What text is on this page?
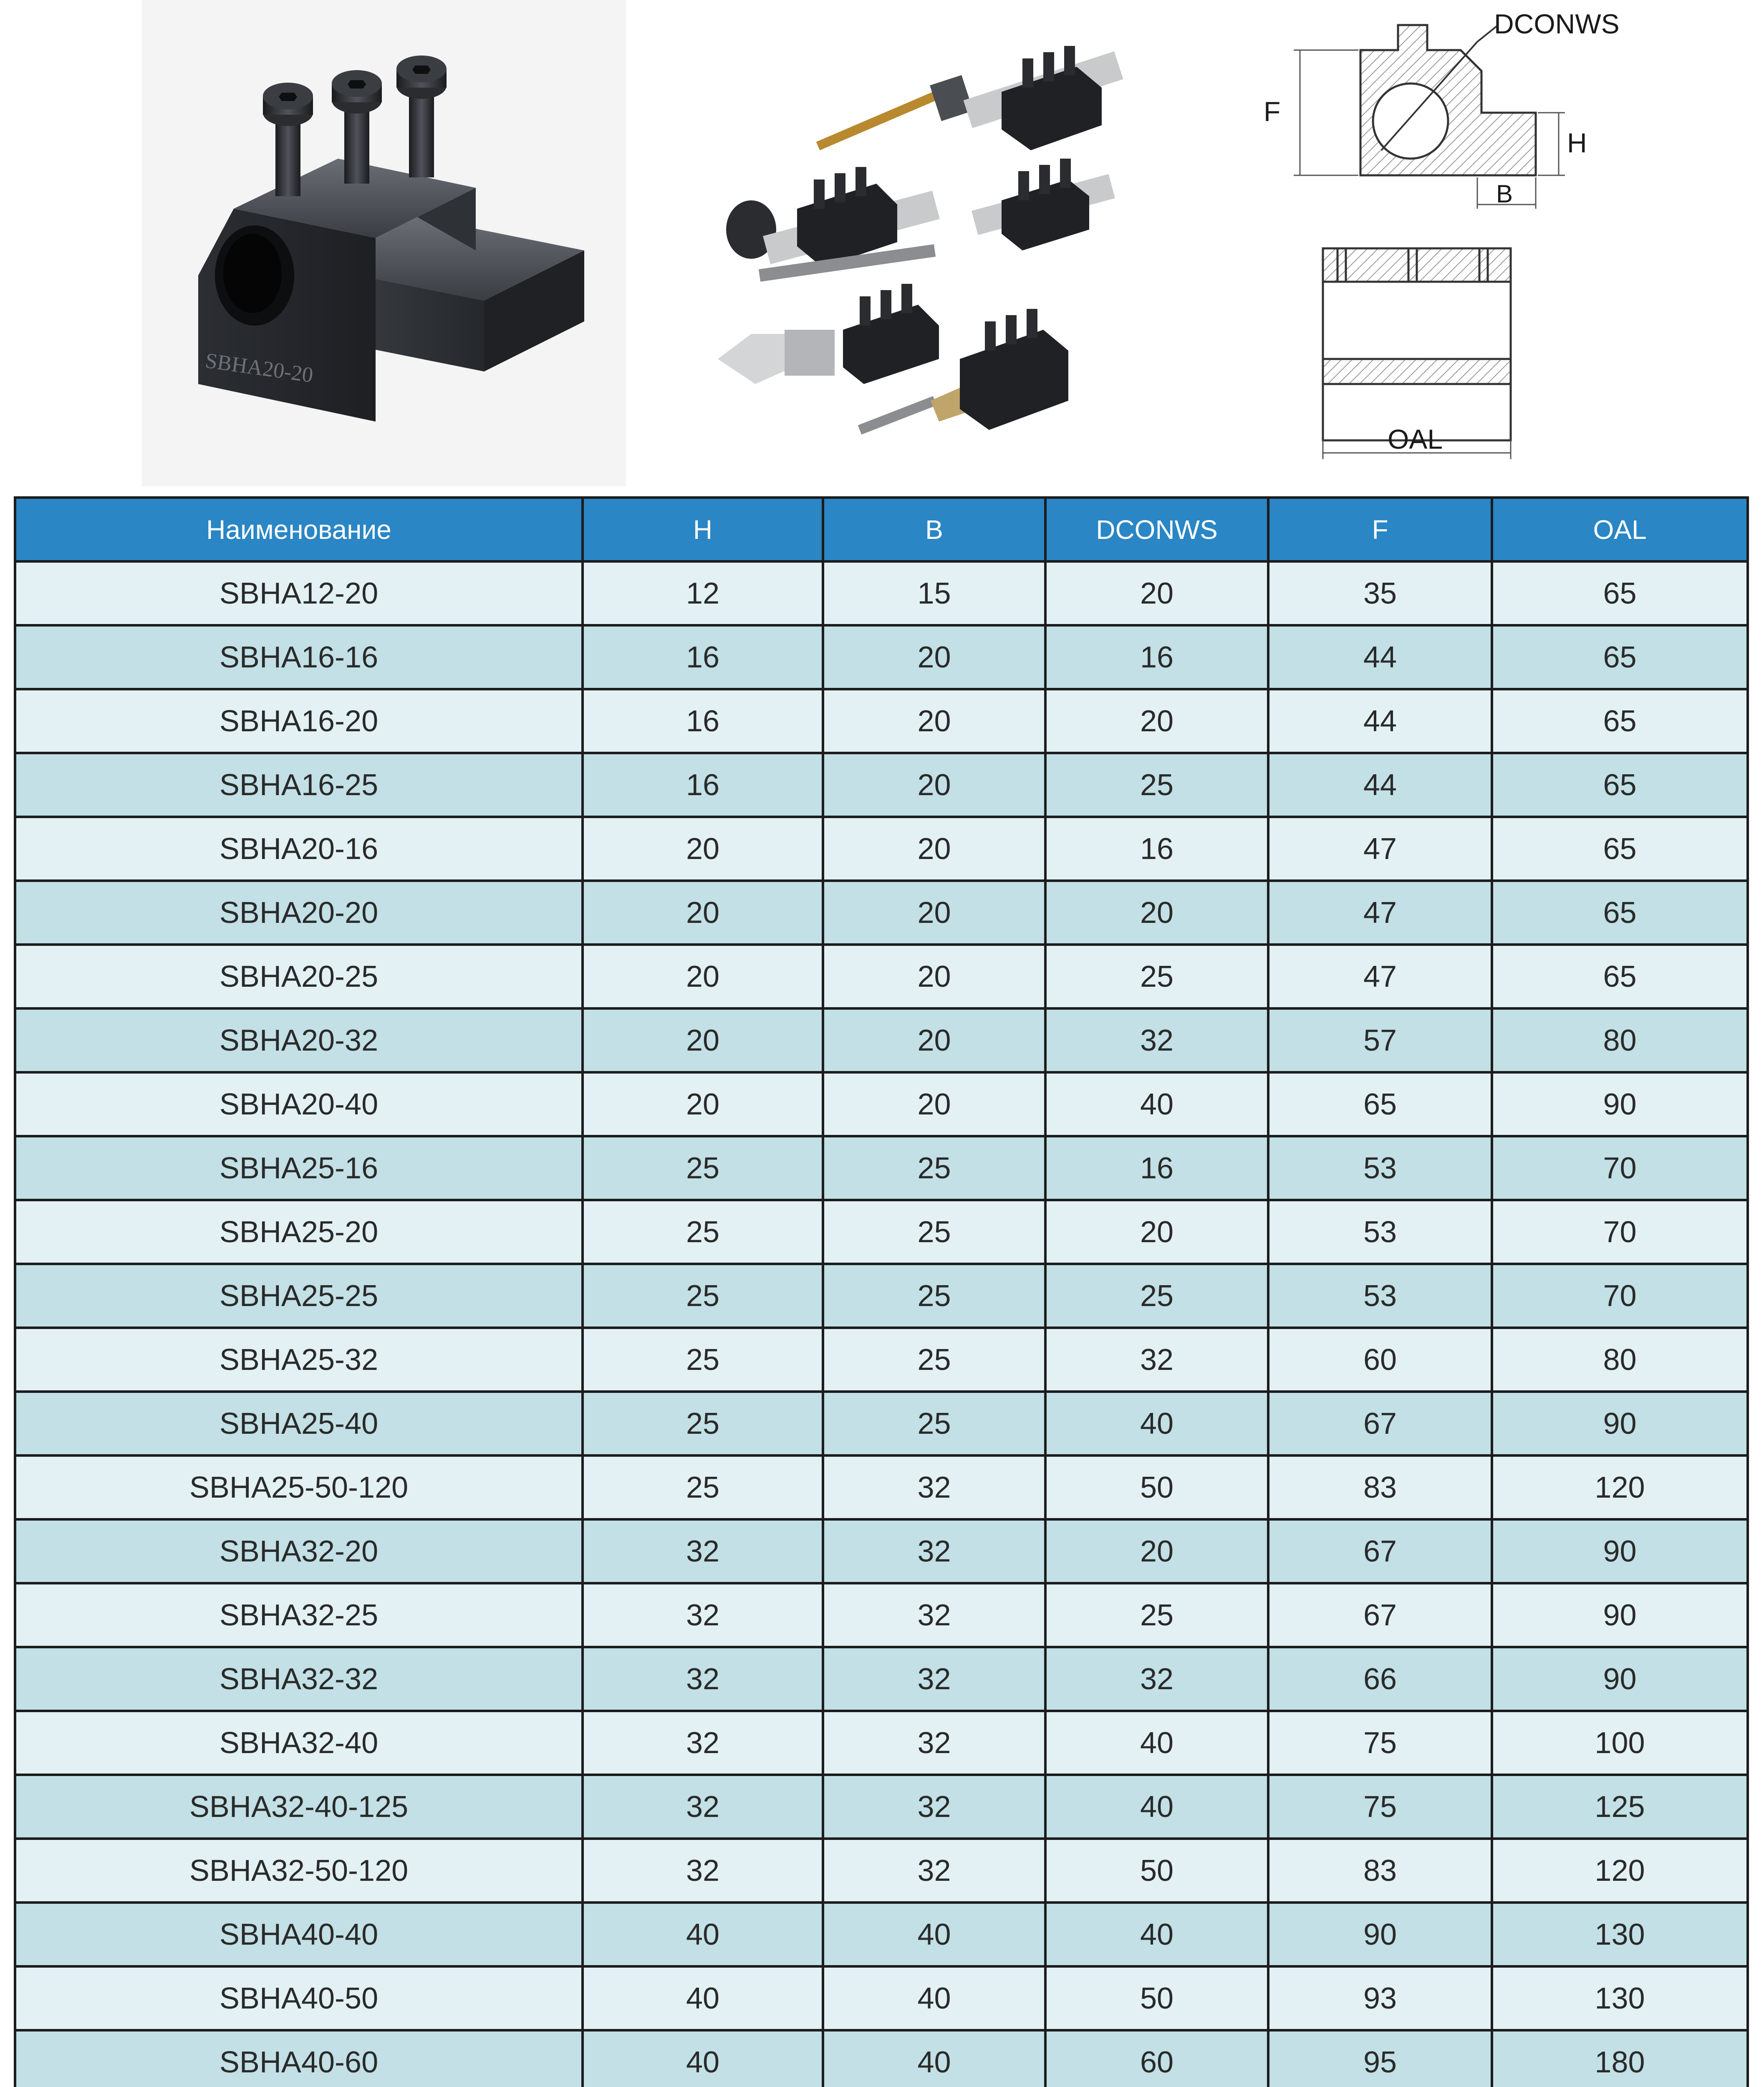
SBHA20-20
F
H
B
DCONWS
OAL
Наименование	H	B	DCONWS	F	OAL
SBHA12-20	12	15	20	35	65
SBHA16-16	16	20	16	44	65
SBHA16-20	16	20	20	44	65
SBHA16-25	16	20	25	44	65
SBHA20-16	20	20	16	47	65
SBHA20-20	20	20	20	47	65
SBHA20-25	20	20	25	47	65
SBHA20-32	20	20	32	57	80
SBHA20-40	20	20	40	65	90
SBHA25-16	25	25	16	53	70
SBHA25-20	25	25	20	53	70
SBHA25-25	25	25	25	53	70
SBHA25-32	25	25	32	60	80
SBHA25-40	25	25	40	67	90
SBHA25-50-120	25	32	50	83	120
SBHA32-20	32	32	20	67	90
SBHA32-25	32	32	25	67	90
SBHA32-32	32	32	32	66	90
SBHA32-40	32	32	40	75	100
SBHA32-40-125	32	32	40	75	125
SBHA32-50-120	32	32	50	83	120
SBHA40-40	40	40	40	90	130
SBHA40-50	40	40	50	93	130
SBHA40-60	40	40	60	95	180
